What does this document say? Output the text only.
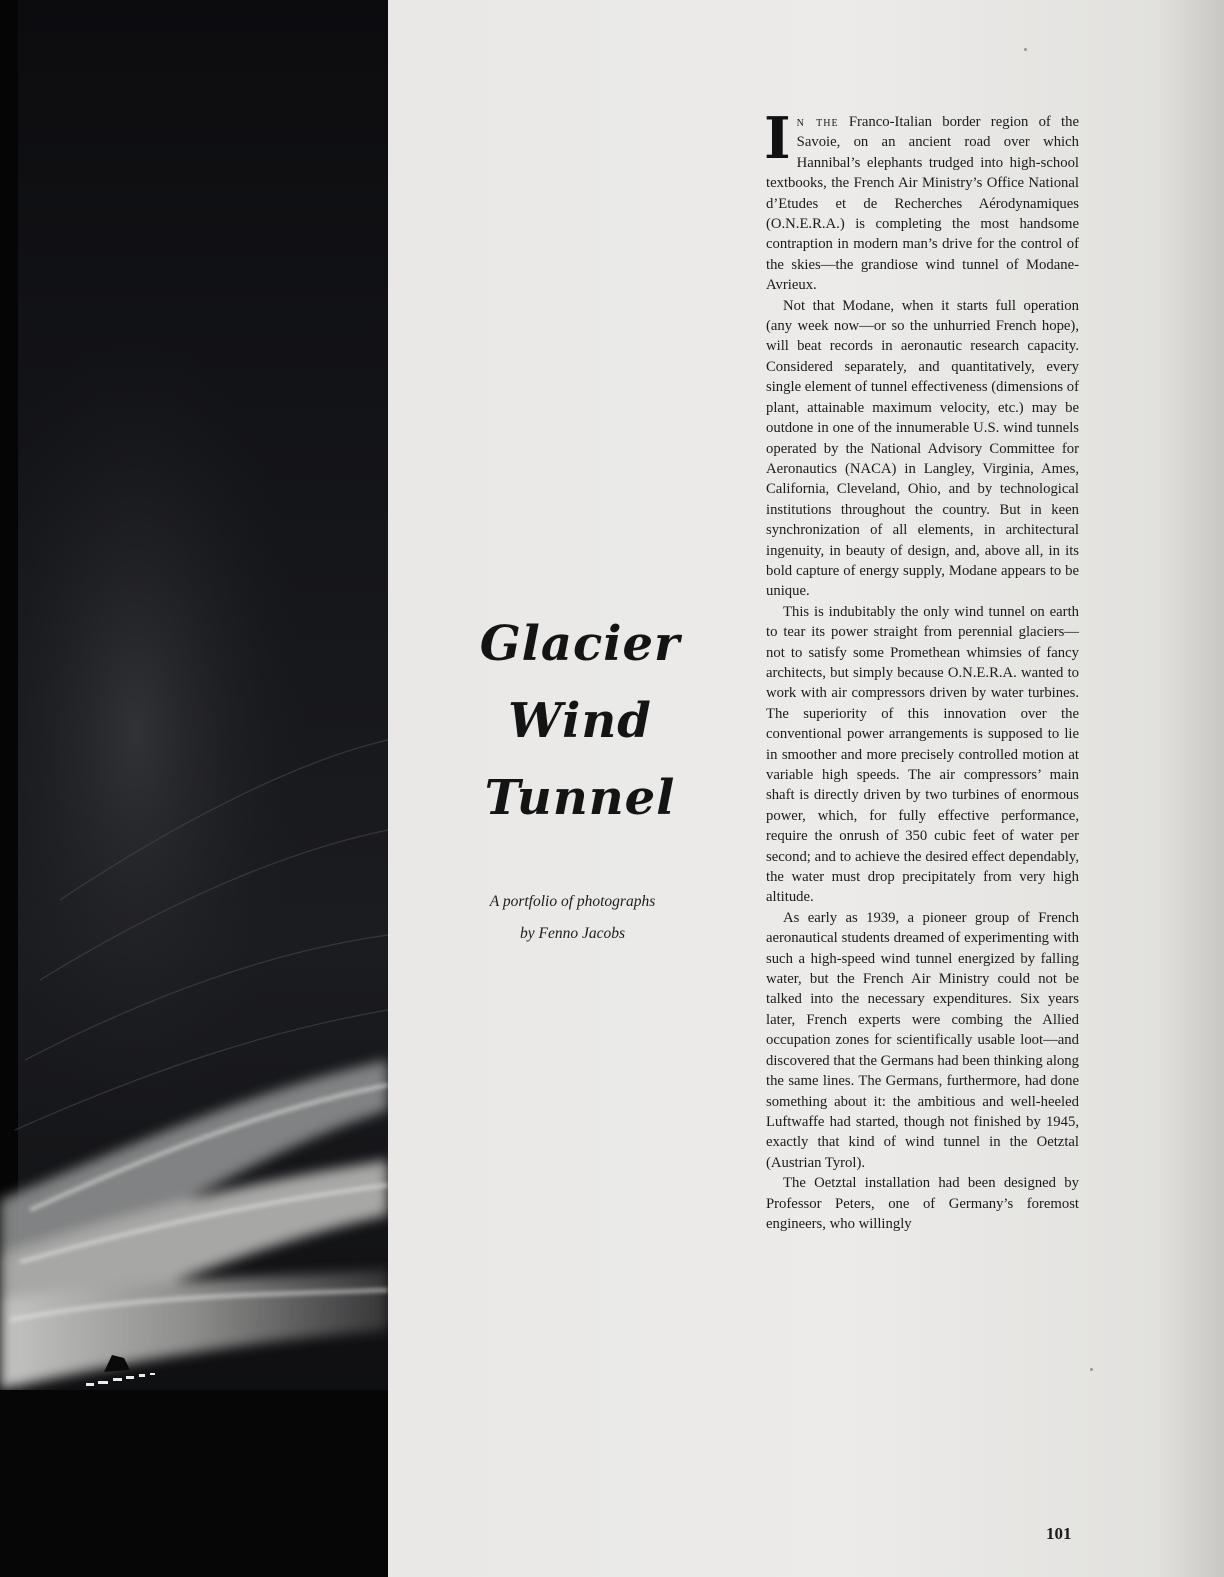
Glacier
Wind
Tunnel
A portfolio of photographs
by Fenno Jacobs

In the Franco-Italian border region of the Savoie, on an ancient road over which Hannibal’s elephants trudged into high-school textbooks, the French Air Ministry’s Office National d’Etudes et de Recherches Aérodynamiques (O.N.E.R.A.) is completing the most handsome contraption in modern man’s drive for the control of the skies—the grandiose wind tunnel of Modane-Avrieux.

Not that Modane, when it starts full operation (any week now—or so the unhurried French hope), will beat records in aeronautic research capacity. Considered separately, and quantitatively, every single element of tunnel effectiveness (dimensions of plant, attainable maximum velocity, etc.) may be outdone in one of the innumerable U.S. wind tunnels operated by the National Advisory Committee for Aeronautics (NACA) in Langley, Virginia, Ames, California, Cleveland, Ohio, and by technological institutions throughout the country. But in keen synchronization of all elements, in architectural ingenuity, in beauty of design, and, above all, in its bold capture of energy supply, Modane appears to be unique.

This is indubitably the only wind tunnel on earth to tear its power straight from perennial glaciers—not to satisfy some Promethean whimsies of fancy architects, but simply because O.N.E.R.A. wanted to work with air compressors driven by water turbines. The superiority of this innovation over the conventional power arrangements is supposed to lie in smoother and more precisely controlled motion at variable high speeds. The air compressors’ main shaft is directly driven by two turbines of enormous power, which, for fully effective performance, require the onrush of 350 cubic feet of water per second; and to achieve the desired effect dependably, the water must drop precipitately from very high altitude.

As early as 1939, a pioneer group of French aeronautical students dreamed of experimenting with such a high-speed wind tunnel energized by falling water, but the French Air Ministry could not be talked into the necessary expenditures. Six years later, French experts were combing the Allied occupation zones for scientifically usable loot—and discovered that the Germans had been thinking along the same lines. The Germans, furthermore, had done something about it: the ambitious and well-heeled Luftwaffe had started, though not finished by 1945, exactly that kind of wind tunnel in the Oetztal (Austrian Tyrol).

The Oetztal installation had been designed by Professor Peters, one of Germany’s foremost engineers, who willingly

101
